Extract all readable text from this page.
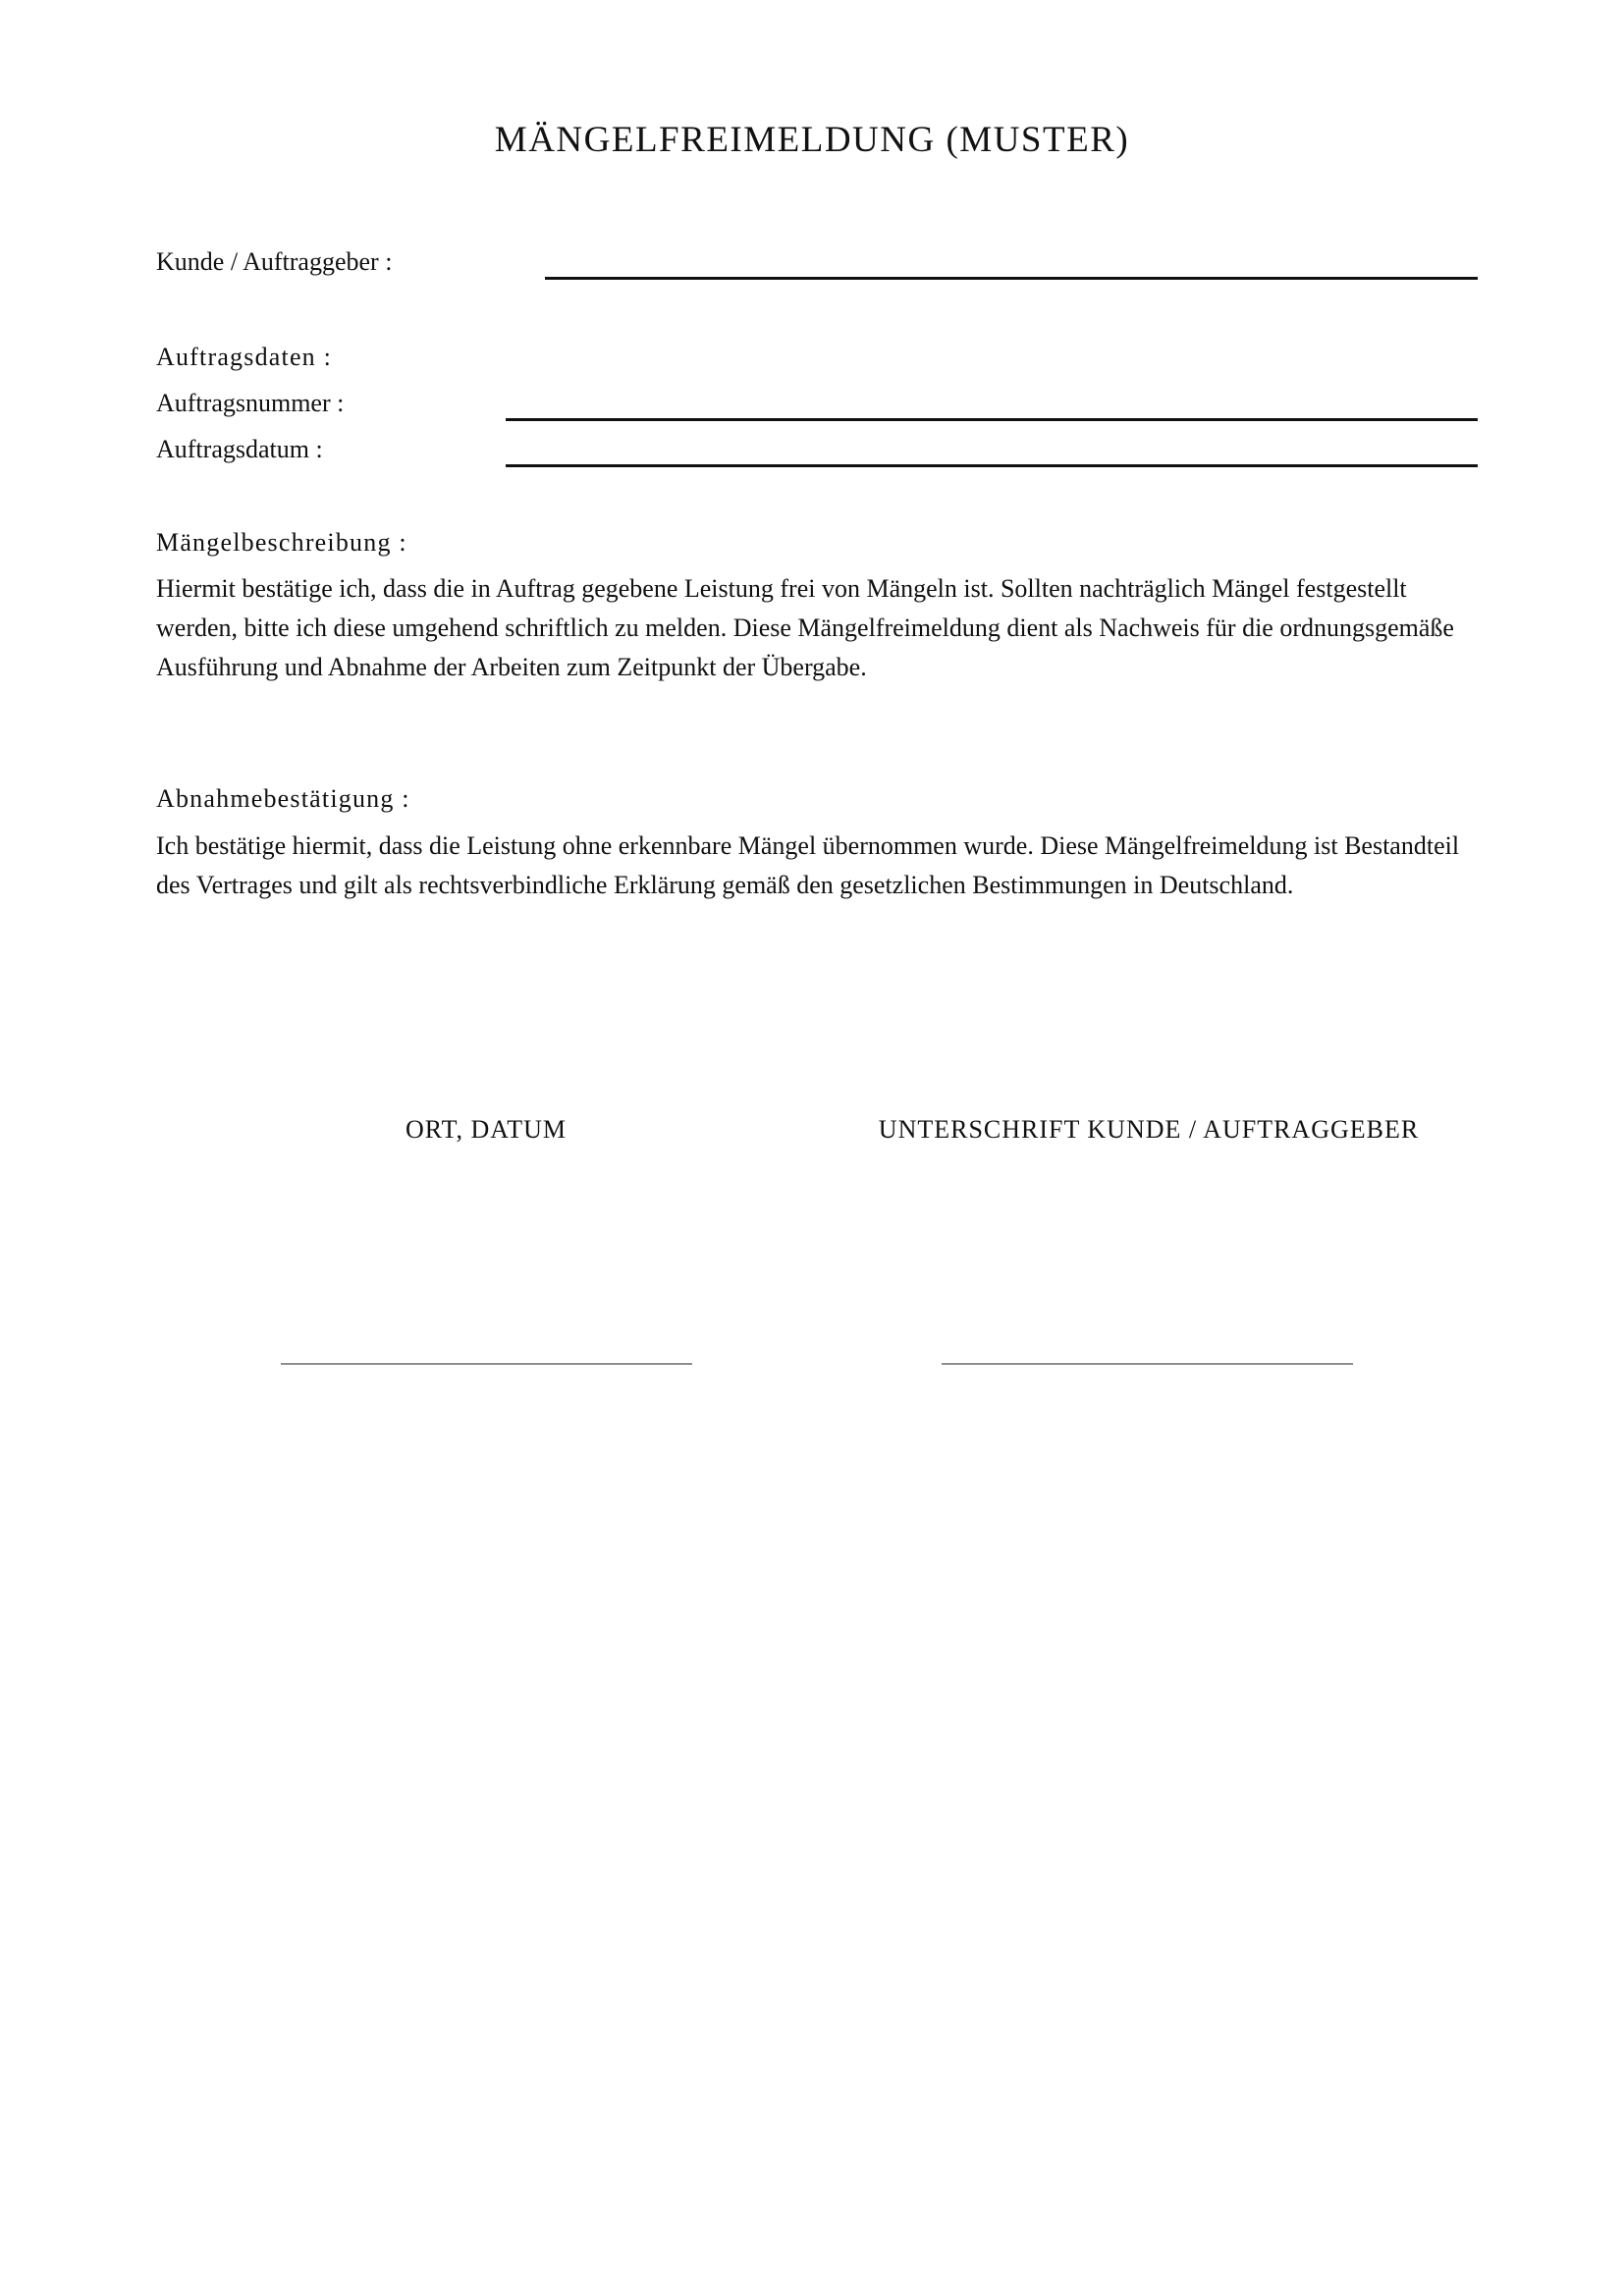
MÄNGELFREIMELDUNG (MUSTER)
Kunde / Auftraggeber :
Auftragsdaten :
Auftragsnummer :
Auftragsdatum :
Mängelbeschreibung :
Hiermit bestätige ich, dass die in Auftrag gegebene Leistung frei von Mängeln ist. Sollten nachträglich Mängel festgestellt werden, bitte ich diese umgehend schriftlich zu melden. Diese Mängelfreimeldung dient als Nachweis für die ordnungsgemäße Ausführung und Abnahme der Arbeiten zum Zeitpunkt der Übergabe.
Abnahmebestätigung :
Ich bestätige hiermit, dass die Leistung ohne erkennbare Mängel übernommen wurde. Diese Mängelfreimeldung ist Bestandteil des Vertrages und gilt als rechtsverbindliche Erklärung gemäß den gesetzlichen Bestimmungen in Deutschland.
ORT, DATUM	UNTERSCHRIFT KUNDE / AUFTRAGGEBER
